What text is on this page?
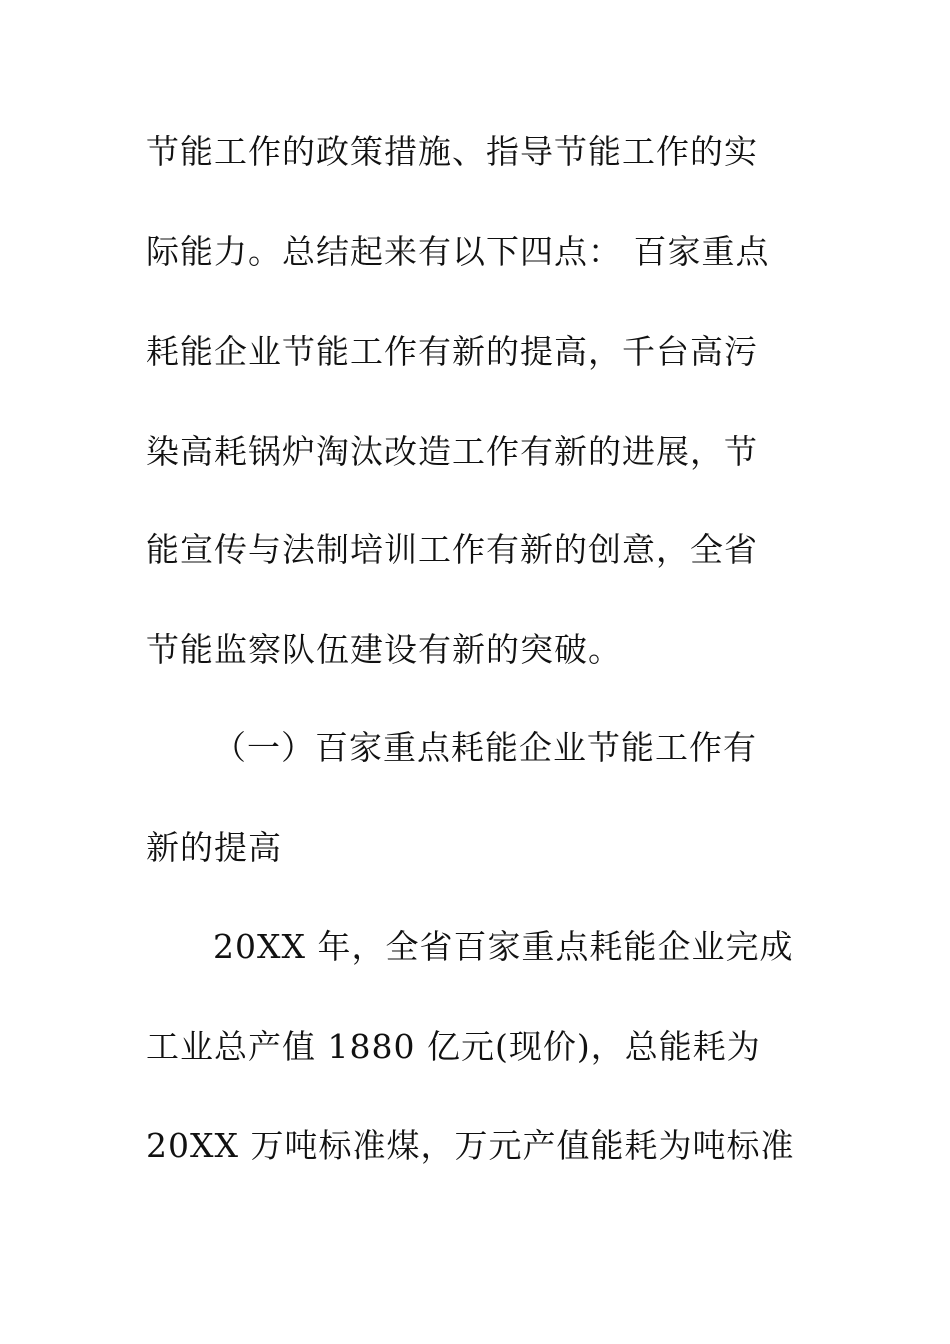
节能工作的政策措施、指导节能工作的实
际能力。总结起来有以下四点： 百家重点
耗能企业节能工作有新的提高，千台高污
染高耗锅炉淘汰改造工作有新的进展，节
能宣传与法制培训工作有新的创意，全省
节能监察队伍建设有新的突破。
（一）百家重点耗能企业节能工作有
新的提高
20XX 年，全省百家重点耗能企业完成
工业总产值 1880 亿元(现价)，总能耗为
20XX 万吨标准煤，万元产值能耗为吨标准
